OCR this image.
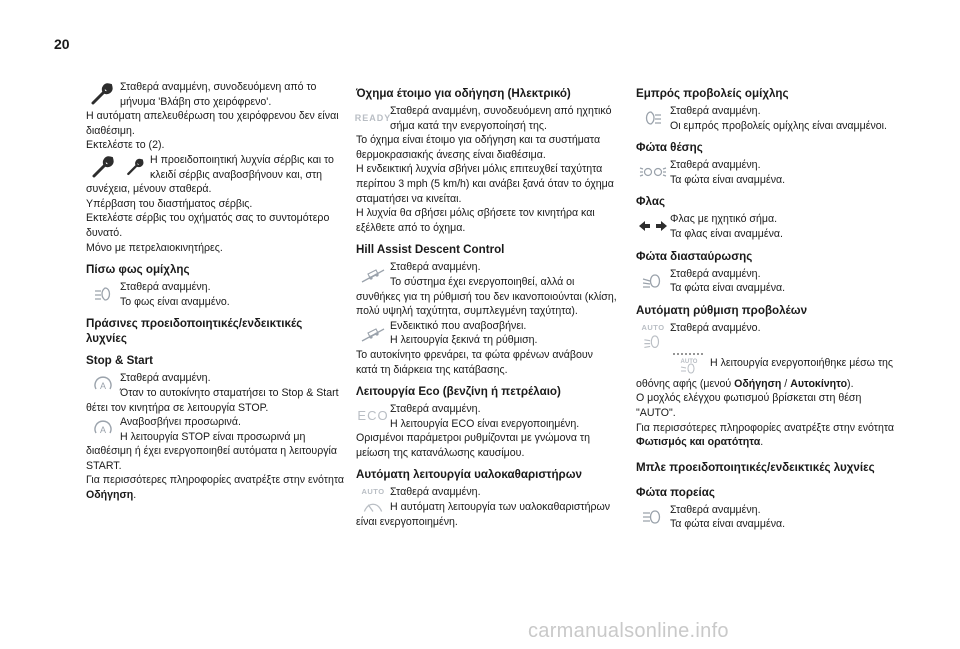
20
Σταθερά αναμμένη, συνοδευόμενη από το
μήνυμα 'Βλάβη στο χειρόφρενο'.
Η αυτόματη απελευθέρωση του χειρόφρενου δεν είναι
διαθέσιμη.
Εκτελέστε το (2).
Η προειδοποιητική λυχνία σέρβις και το
κλειδί σέρβις αναβοσβήνουν και, στη
συνέχεια, μένουν σταθερά.
Υπέρβαση του διαστήματος σέρβις.
Εκτελέστε σέρβις του οχήματός σας το συντομότερο
δυνατό.
Μόνο με πετρελαιοκινητήρες.
Πίσω φως ομίχλης
Σταθερά αναμμένη.
Το φως είναι αναμμένο.
Πράσινες προειδοποιητικές/ενδεικτικές λυχνίες
Stop & Start
A
Σταθερά αναμμένη.
Όταν το αυτοκίνητο σταματήσει το Stop & Start
θέτει τον κινητήρα σε λειτουργία STOP.
A
Αναβοσβήνει προσωρινά.
Η λειτουργία STOP είναι προσωρινά μη
διαθέσιμη ή έχει ενεργοποιηθεί αυτόματα η λειτουργία
START.
Για περισσότερες πληροφορίες ανατρέξτε στην ενότητα
Οδήγηση.
Όχημα έτοιμο για οδήγηση (Ηλεκτρικό)
READY
Σταθερά αναμμένη, συνοδευόμενη από ηχητικό
σήμα κατά την ενεργοποίησή της.
Το όχημα είναι έτοιμο για οδήγηση και τα συστήματα
θερμοκρασιακής άνεσης είναι διαθέσιμα.
Η ενδεικτική λυχνία σβήνει μόλις επιτευχθεί ταχύτητα
περίπου 3 mph (5 km/h) και ανάβει ξανά όταν το όχημα
σταματήσει να κινείται.
Η λυχνία θα σβήσει μόλις σβήσετε τον κινητήρα και
εξέλθετε από το όχημα.
Hill Assist Descent Control
Σταθερά αναμμένη.
Το σύστημα έχει ενεργοποιηθεί, αλλά οι
συνθήκες για τη ρύθμισή του δεν ικανοποιούνται (κλίση,
πολύ υψηλή ταχύτητα, συμπλεγμένη ταχύτητα).
Ενδεικτικό που αναβοσβήνει.
Η λειτουργία ξεκινά τη ρύθμιση.
Το αυτοκίνητο φρενάρει, τα φώτα φρένων ανάβουν
κατά τη διάρκεια της κατάβασης.
Λειτουργία Eco (βενζίνη ή πετρέλαιο)
ECO Σταθερά αναμμένη.
Η λειτουργία ECO είναι ενεργοποιημένη.
Ορισμένοι παράμετροι ρυθμίζονται με γνώμονα τη
μείωση της κατανάλωσης καυσίμου.
Αυτόματη λειτουργία υαλοκαθαριστήρων
AUTO Σταθερά αναμμένη.
Η αυτόματη λειτουργία των υαλοκαθαριστήρων
είναι ενεργοποιημένη.
Εμπρός προβολείς ομίχλης
Σταθερά αναμμένη.
Οι εμπρός προβολείς ομίχλης είναι αναμμένοι.
Φώτα θέσης
Σταθερά αναμμένη.
Τα φώτα είναι αναμμένα.
Φλας
Φλας με ηχητικό σήμα.
Τα φλας είναι αναμμένα.
Φώτα διασταύρωσης
Σταθερά αναμμένη.
Τα φώτα είναι αναμμένα.
Αυτόματη ρύθμιση προβολέων
AUTO Σταθερά αναμμένο.
AUTO Η λειτουργία ενεργοποιήθηκε μέσω της
οθόνης αφής (μενού Οδήγηση / Αυτοκίνητο).
Ο μοχλός ελέγχου φωτισμού βρίσκεται στη θέση
"AUTO".
Για περισσότερες πληροφορίες ανατρέξτε στην ενότητα
Φωτισμός και ορατότητα.
Μπλε προειδοποιητικές/ενδεικτικές λυχνίες
Φώτα πορείας
Σταθερά αναμμένη.
Τα φώτα είναι αναμμένα.
carmanualsonline.info
